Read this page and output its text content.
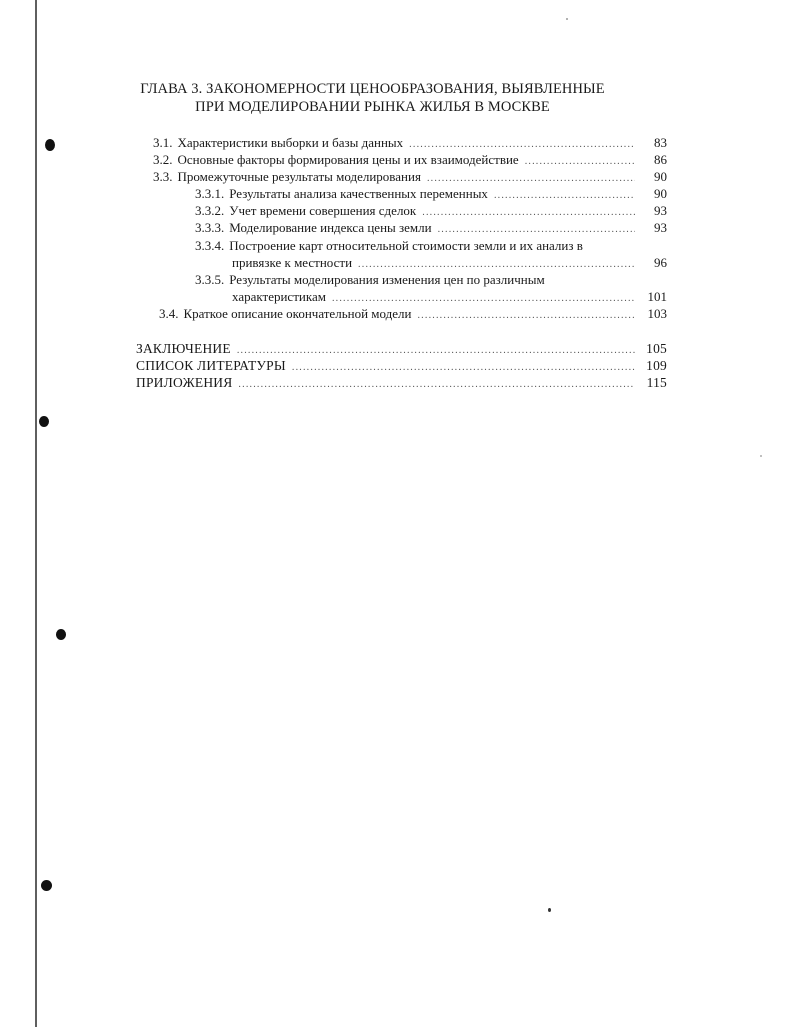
ГЛАВА 3. ЗАКОНОМЕРНОСТИ ЦЕНООБРАЗОВАНИЯ, ВЫЯВЛЕННЫЕ
ПРИ МОДЕЛИРОВАНИИ РЫНКА ЖИЛЬЯ В МОСКВЕ
3.1. Характеристики выборки и базы данных .....	83
3.2. Основные факторы формирования цены и их взаимодействие .....	86
3.3. Промежуточные результаты моделирования .....	90
3.3.1. Результаты анализа качественных переменных .....	90
3.3.2. Учет времени совершения сделок .....	93
3.3.3. Моделирование индекса цены земли .....	93
3.3.4. Построение карт относительной стоимости земли и их анализ в
привязке к местности .....	96
3.3.5. Результаты моделирования изменения цен по различным
характеристикам .....	101
3.4. Краткое описание окончательной модели .....	103
ЗАКЛЮЧЕНИЕ .....	105
СПИСОК ЛИТЕРАТУРЫ .....	109
ПРИЛОЖЕНИЯ .....	115
